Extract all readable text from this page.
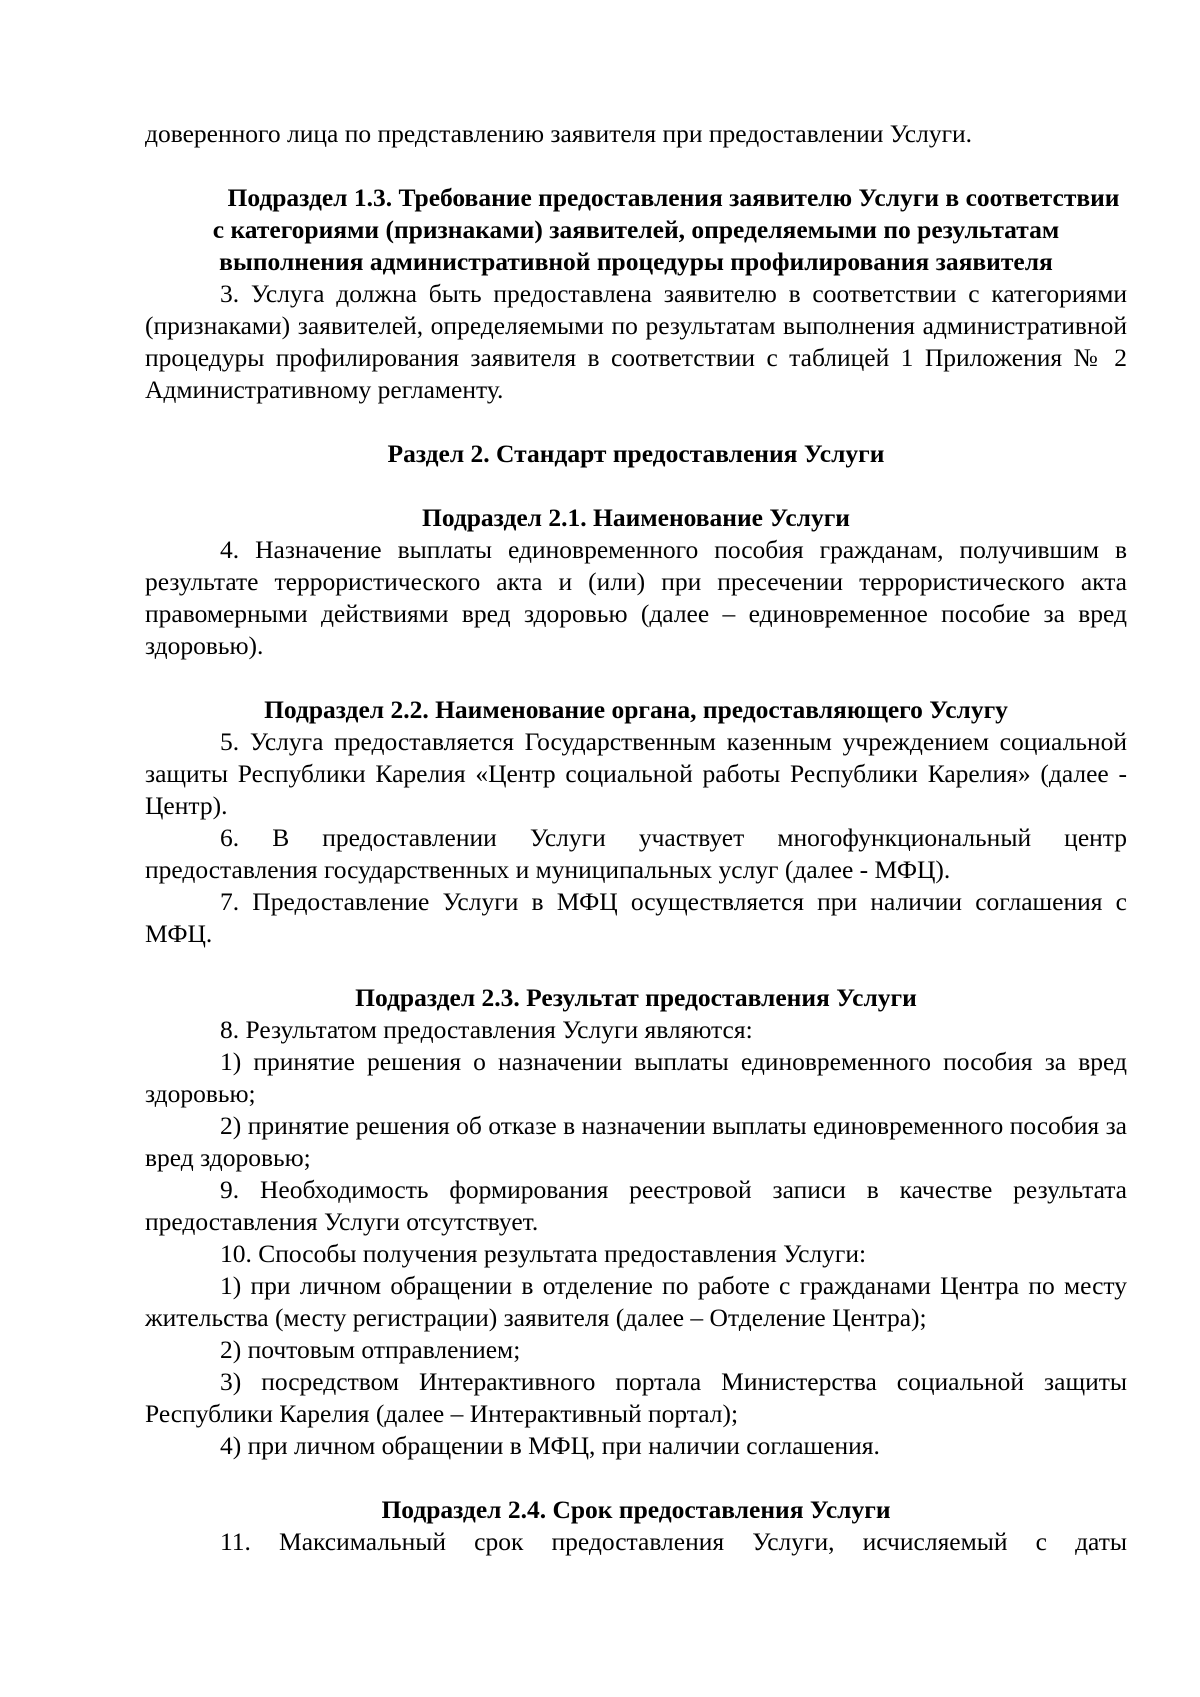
доверенного лица по представлению заявителя при предоставлении Услуги.

Подраздел 1.3. Требование предоставления заявителю Услуги в соответствии с категориями (признаками) заявителей, определяемыми по результатам выполнения административной процедуры профилирования заявителя

3. Услуга должна быть предоставлена заявителю в соответствии с категориями (признаками) заявителей, определяемыми по результатам выполнения административной процедуры профилирования заявителя в соответствии с таблицей 1 Приложения № 2 Административному регламенту.

Раздел 2. Стандарт предоставления Услуги

Подраздел 2.1. Наименование Услуги

4. Назначение выплаты единовременного пособия гражданам, получившим в результате террористического акта и (или) при пресечении террористического акта правомерными действиями вред здоровью (далее – единовременное пособие за вред здоровью).

Подраздел 2.2. Наименование органа, предоставляющего Услугу

5. Услуга предоставляется Государственным казенным учреждением социальной защиты Республики Карелия «Центр социальной работы Республики Карелия» (далее - Центр).

6. В предоставлении Услуги участвует многофункциональный центр предоставления государственных и муниципальных услуг (далее - МФЦ).

7. Предоставление Услуги в МФЦ осуществляется при наличии соглашения с МФЦ.

Подраздел 2.3. Результат предоставления Услуги

8. Результатом предоставления Услуги являются:

1) принятие решения о назначении выплаты единовременного пособия за вред здоровью;

2) принятие решения об отказе в назначении выплаты единовременного пособия за вред здоровью;

9. Необходимость формирования реестровой записи в качестве результата предоставления Услуги отсутствует.

10. Способы получения результата предоставления Услуги:

1) при личном обращении в отделение по работе с гражданами Центра по месту жительства (месту регистрации) заявителя (далее – Отделение Центра);

2) почтовым отправлением;

3) посредством Интерактивного портала Министерства социальной защиты Республики Карелия (далее – Интерактивный портал);

4) при личном обращении в МФЦ, при наличии соглашения.

Подраздел 2.4. Срок предоставления Услуги

11. Максимальный срок предоставления Услуги, исчисляемый с даты
